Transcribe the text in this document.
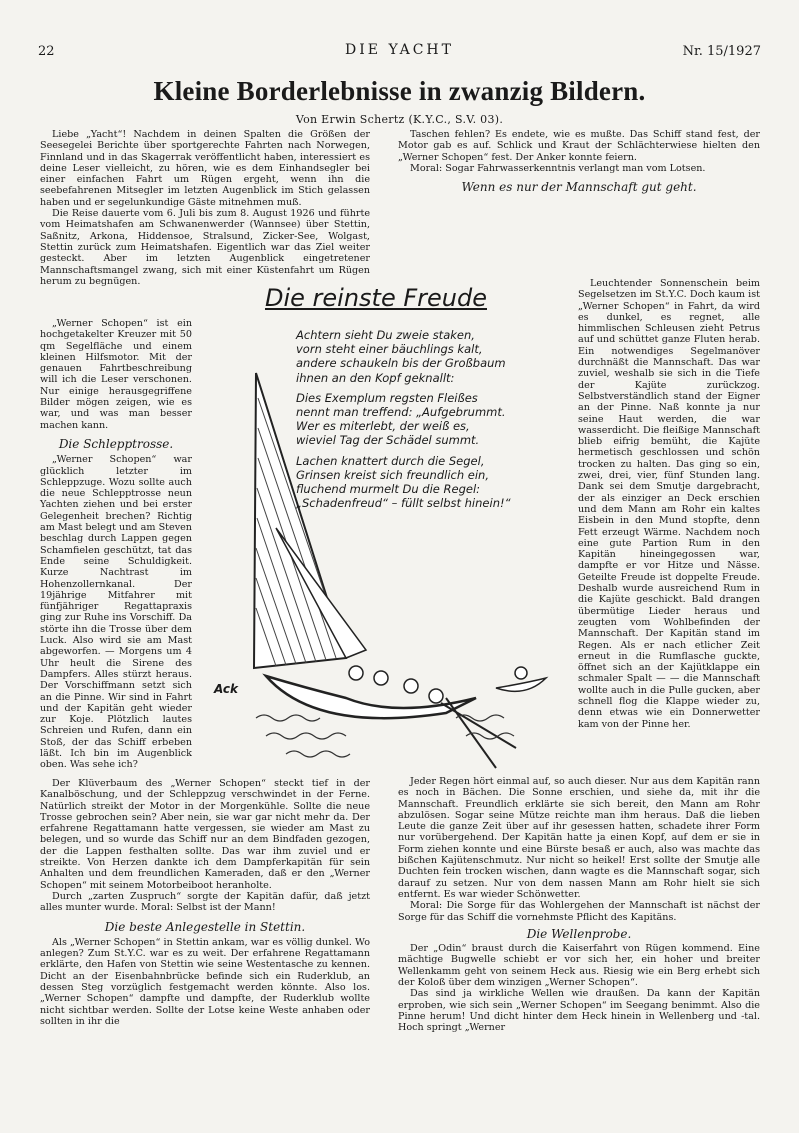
22	DIE YACHT	Nr. 15/1927
Kleine Borderlebnisse in zwanzig Bildern.
Von Erwin Schertz (K.Y.C., S.V. 03).

Liebe „Yacht“! Nachdem in deinen Spalten die Größen der Seesegelei Berichte über sportgerechte Fahrten nach Norwegen, Finnland und in das Skagerrak veröffentlicht haben, interessiert es deine Leser vielleicht, zu hören, wie es dem Einhandsegler bei einer einfachen Fahrt um Rügen ergeht, wenn ihn die seebefahrenen Mitsegler im letzten Augenblick im Stich gelassen haben und er segelunkundige Gäste mitnehmen muß.

Die Reise dauerte vom 6. Juli bis zum 8. August 1926 und führte vom Heimatshafen am Schwanenwerder (Wannsee) über Stettin, Saßnitz, Arkona, Hiddensoe, Stralsund, Zicker-See, Wolgast, Stettin zurück zum Heimatshafen. Eigentlich war das Ziel weiter gesteckt. Aber im letzten Augenblick eingetretener Mannschaftsmangel zwang, sich mit einer Küstenfahrt um Rügen herum zu begnügen.

„Werner Schopen“ ist ein hochgetakelter Kreuzer mit 50 qm Segelfläche und einem kleinen Hilfsmotor. Mit der genauen Fahrtbeschreibung will ich die Leser verschonen. Nur einige herausgegriffene Bilder mögen zeigen, wie es war, und was man besser machen kann.

Die Schlepptrosse.

„Werner Schopen“ war glücklich letzter im Schleppzuge. Wozu sollte auch die neue Schlepptrosse neun Yachten ziehen und bei erster Gelegenheit brechen? Richtig am Mast belegt und am Steven beschlag durch Lappen gegen Schamfielen geschützt, tat das Ende seine Schuldigkeit. Kurze Nachtrast im Hohenzollernkanal. Der 19jährige Mitfahrer mit fünfjähriger Regattapraxis ging zur Ruhe ins Vorschiff. Da störte ihn die Trosse über dem Luck. Also wird sie am Mast abgeworfen. — Morgens um 4 Uhr heult die Sirene des Dampfers. Alles stürzt heraus. Der Vorschiffmann setzt sich an die Pinne. Wir sind in Fahrt und der Kapitän geht wieder zur Koje. Plötzlich lautes Schreien und Rufen, dann ein Stoß, der das Schiff erbeben läßt. Ich bin im Augenblick oben. Was sehe ich?

Der Klüverbaum des „Werner Schopen“ steckt tief in der Kanalböschung, und der Schleppzug verschwindet in der Ferne. Natürlich streikt der Motor in der Morgenkühle. Sollte die neue Trosse gebrochen sein? Aber nein, sie war gar nicht mehr da. Der erfahrene Regattamann hatte vergessen, sie wieder am Mast zu belegen, und so wurde das Schiff nur an dem Bindfaden gezogen, der die Lappen festhalten sollte. Das war ihm zuviel und er streikte. Von Herzen dankte ich dem Dampferkapitän für sein Anhalten und dem freundlichen Kameraden, daß er den „Werner Schopen“ mit seinem Motorbeiboot heranholte.

Durch „zarten Zuspruch“ sorgte der Kapitän dafür, daß jetzt alles munter wurde. Moral: Selbst ist der Mann!

Die beste Anlegestelle in Stettin.

Als „Werner Schopen“ in Stettin ankam, war es völlig dunkel. Wo anlegen? Zum St.Y.C. war es zu weit. Der erfahrene Regattamann erklärte, den Hafen von Stettin wie seine Westentasche zu kennen. Dicht an der Eisenbahnbrücke befinde sich ein Ruderklub, an dessen Steg vorzüglich festgemacht werden könnte. Also los. „Werner Schopen“ dampfte und dampfte, der Ruderklub wollte nicht sichtbar werden. Sollte der Lotse keine Weste anhaben oder sollten in ihr die

Taschen fehlen? Es endete, wie es mußte. Das Schiff stand fest, der Motor gab es auf. Schlick und Kraut der Schlächterwiese hielten den „Werner Schopen“ fest. Der Anker konnte feiern.

Moral: Sogar Fahrwasserkenntnis verlangt man vom Lotsen.

Wenn es nur der Mannschaft gut geht.

Leuchtender Sonnenschein beim Segelsetzen im St.Y.C. Doch kaum ist „Werner Schopen“ in Fahrt, da wird es dunkel, es regnet, alle himmlischen Schleusen zieht Petrus auf und schüttet ganze Fluten herab. Ein notwendiges Segelmanöver durchnäßt die Mannschaft. Das war zuviel, weshalb sie sich in die Tiefe der Kajüte zurückzog. Selbstverständlich stand der Eigner an der Pinne. Naß konnte ja nur seine Haut werden, die war wasserdicht. Die fleißige Mannschaft blieb eifrig bemüht, die Kajüte hermetisch geschlossen und schön trocken zu halten. Das ging so ein, zwei, drei, vier, fünf Stunden lang. Dank sei dem Smutje dargebracht, der als einziger an Deck erschien und dem Mann am Rohr ein kaltes Eisbein in den Mund stopfte, denn Fett erzeugt Wärme. Nachdem noch eine gute Partion Rum in den Kapitän hineingegossen war, dampfte er vor Hitze und Nässe. Geteilte Freude ist doppelte Freude. Deshalb wurde ausreichend Rum in die Kajüte geschickt. Bald drangen übermütige Lieder heraus und zeugten vom Wohlbefinden der Mannschaft. Der Kapitän stand im Regen. Als er nach etlicher Zeit erneut in die Rumflasche guckte, öffnet sich an der Kajütklappe ein schmaler Spalt — — die Mannschaft wollte auch in die Pulle gucken, aber schnell flog die Klappe wieder zu, denn etwas wie ein Donnerwetter kam von der Pinne her.

Jeder Regen hört einmal auf, so auch dieser. Nur aus dem Kapitän rann es noch in Bächen. Die Sonne erschien, und siehe da, mit ihr die Mannschaft. Freundlich erklärte sie sich bereit, den Mann am Rohr abzulösen. Sogar seine Mütze reichte man ihm heraus. Daß die lieben Leute die ganze Zeit über auf ihr gesessen hatten, schadete ihrer Form nur vorübergehend. Der Kapitän hatte ja einen Kopf, auf dem er sie in Form ziehen konnte und eine Bürste besaß er auch, also was machte das bißchen Kajütenschmutz. Nur nicht so heikel! Erst sollte der Smutje alle Duchten fein trocken wischen, dann wagte es die Mannschaft sogar, sich darauf zu setzen. Nur von dem nassen Mann am Rohr hielt sie sich entfernt. Es war wieder Schönwetter.

Moral: Die Sorge für das Wohlergehen der Mannschaft ist nächst der Sorge für das Schiff die vornehmste Pflicht des Kapitäns.

Die Wellenprobe.

Der „Odin“ braust durch die Kaiserfahrt von Rügen kommend. Eine mächtige Bugwelle schiebt er vor sich her, ein hoher und breiter Wellenkamm geht von seinem Heck aus. Riesig wie ein Berg erhebt sich der Koloß über dem winzigen „Werner Schopen“.

Das sind ja wirkliche Wellen wie draußen. Da kann der Kapitän erproben, wie sich sein „Werner Schopen“ im Seegang benimmt. Also die Pinne herum! Und dicht hinter dem Heck hinein in Wellenberg und -tal. Hoch springt „Werner

Die reinste Freude
Achtern sieht Du zweie staken,
vorn steht einer bäuchlings kalt,
andere schaukeln bis der Großbaum
ihnen an den Kopf geknallt:
Dies Exemplum regsten Fleißes
nennt man treffend: „Aufgebrummt.
Wer es miterlebt, der weiß es,
wieviel Tag der Schädel summt.
Lachen knattert durch die Segel,
Grinsen kreist sich freundlich ein,
fluchend murmelt Du die Regel:
„Schadenfreud“ – füllt selbst hinein!“
Ack
